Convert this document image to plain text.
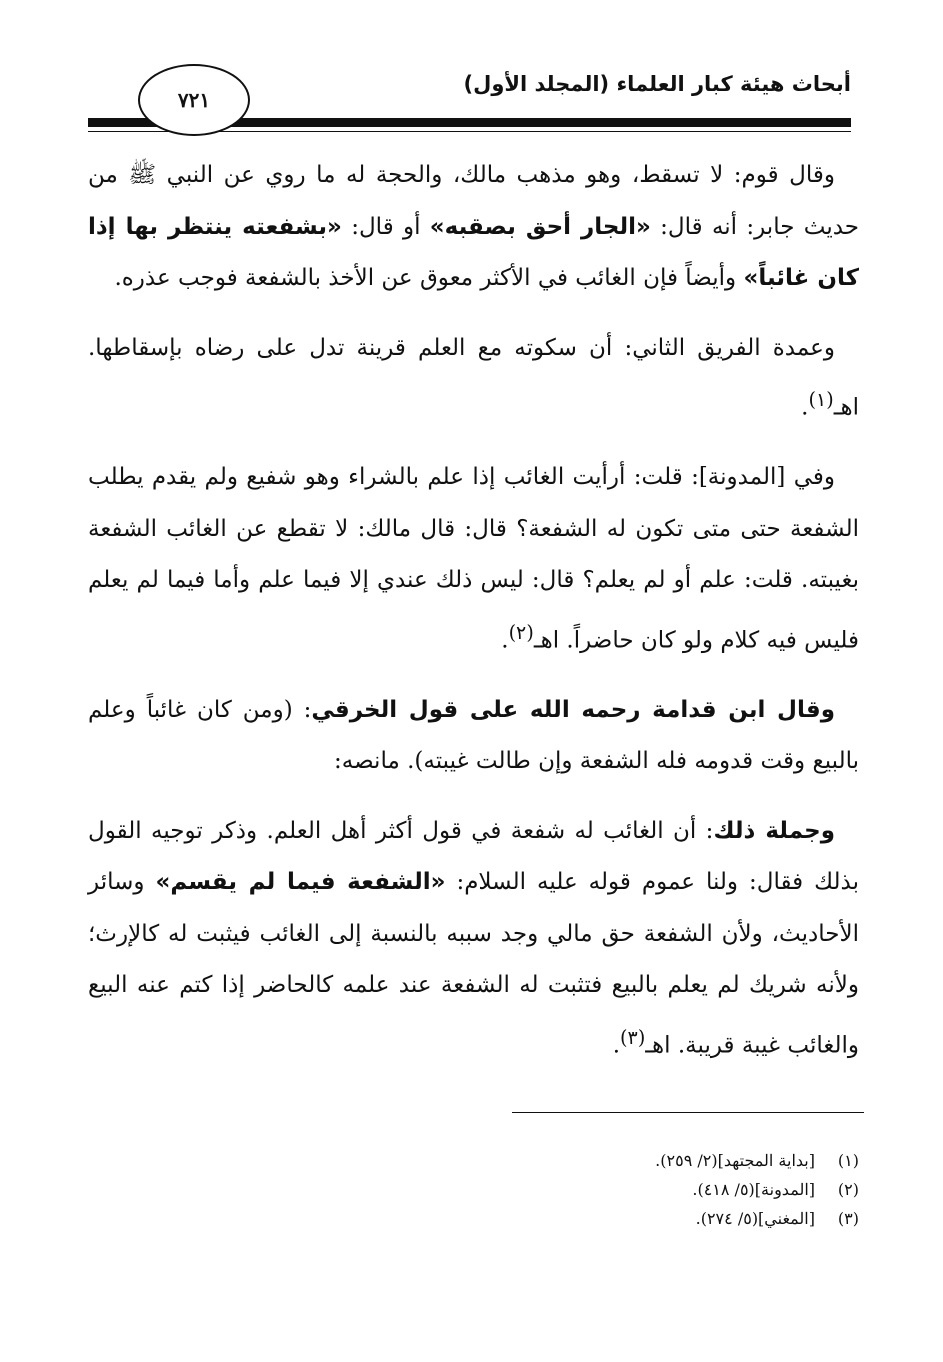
أبحاث هيئة كبار العلماء (المجلد الأول)
٧٢١

وقال قوم: لا تسقط، وهو مذهب مالك، والحجة له ما روي عن النبي ﷺ من حديث جابر: أنه قال: «الجار أحق بصقبه» أو قال: «بشفعته ينتظر بها إذا كان غائباً» وأيضاً فإن الغائب في الأكثر معوق عن الأخذ بالشفعة فوجب عذره.

وعمدة الفريق الثاني: أن سكوته مع العلم قرينة تدل على رضاه بإسقاطها. اهـ$^{(١)}$.

وفي [المدونة]: قلت: أرأيت الغائب إذا علم بالشراء وهو شفيع ولم يقدم يطلب الشفعة حتى متى تكون له الشفعة؟ قال: قال مالك: لا تقطع عن الغائب الشفعة بغيبته. قلت: علم أو لم يعلم؟ قال: ليس ذلك عندي إلا فيما علم وأما فيما لم يعلم فليس فيه كلام ولو كان حاضراً. اهـ$^{(٢)}$.

وقال ابن قدامة رحمه الله على قول الخرقي: (ومن كان غائباً وعلم بالبيع وقت قدومه فله الشفعة وإن طالت غيبته). مانصه:

وجملة ذلك: أن الغائب له شفعة في قول أكثر أهل العلم. وذكر توجيه القول بذلك فقال: ولنا عموم قوله عليه السلام: «الشفعة فيما لم يقسم» وسائر الأحاديث، ولأن الشفعة حق مالي وجد سببه بالنسبة إلى الغائب فيثبت له كالإرث؛ ولأنه شريك لم يعلم بالبيع فتثبت له الشفعة عند علمه كالحاضر إذا كتم عنه البيع والغائب غيبة قريبة. اهـ$^{(٣)}$.

(١)[بداية المجتهد](٢/ ٢٥٩).
(٢)[المدونة](٥/ ٤١٨).
(٣)[المغني](٥/ ٢٧٤).
